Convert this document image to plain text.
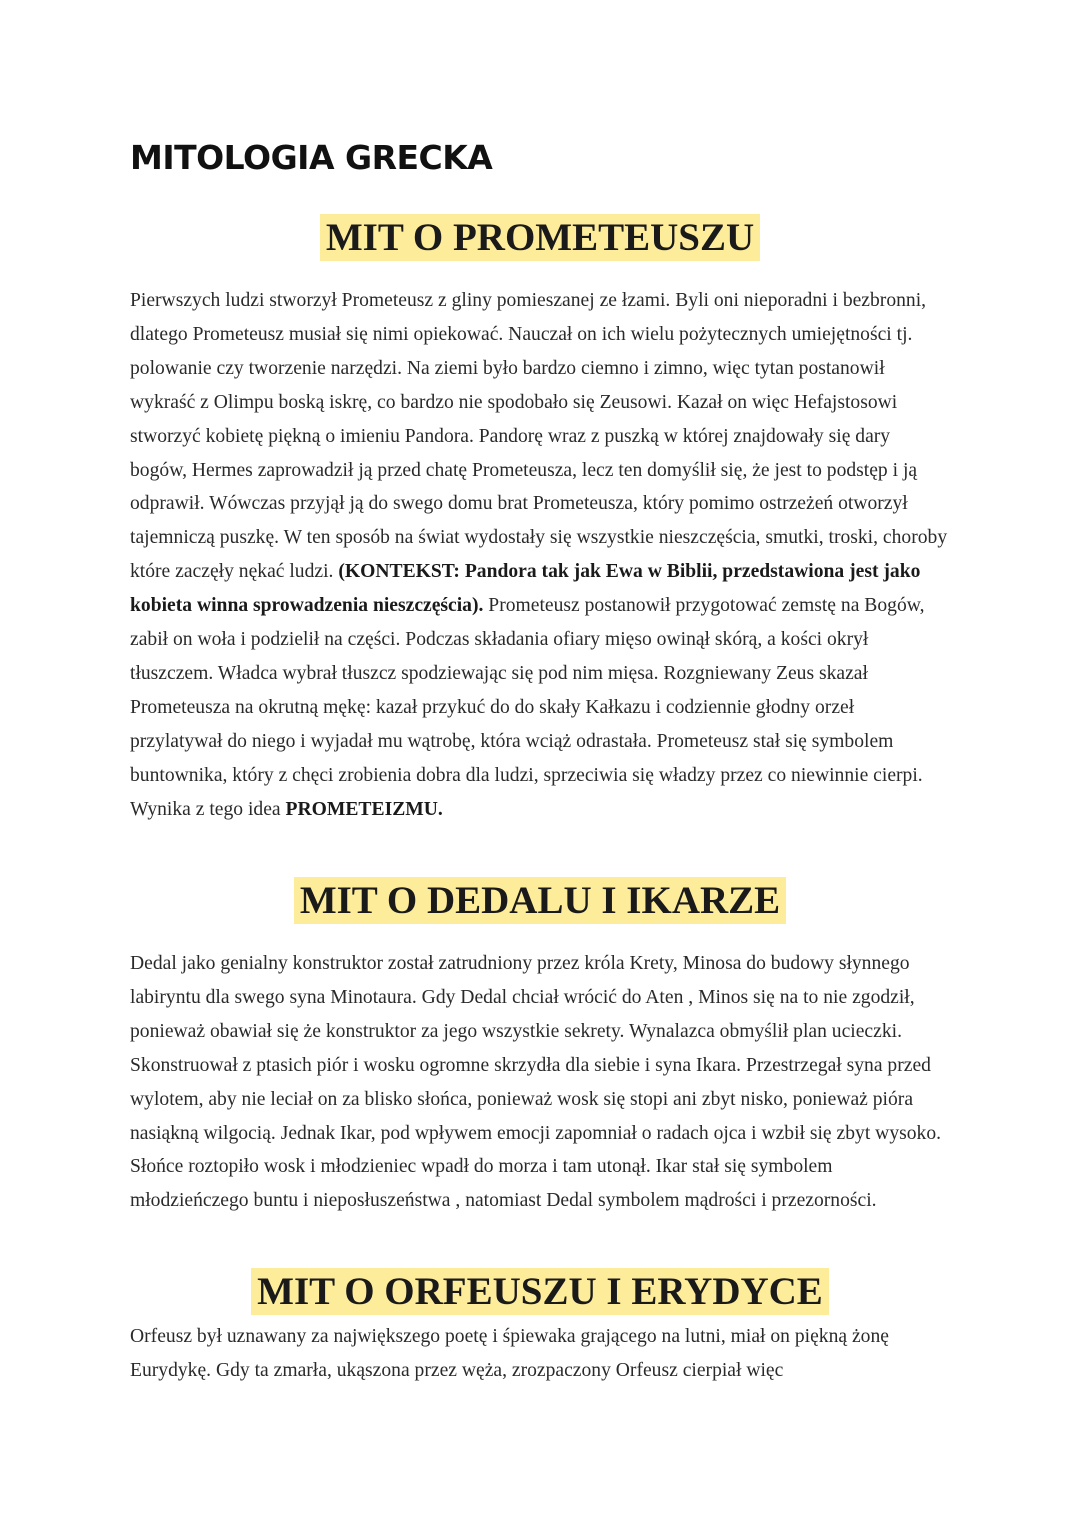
MITOLOGIA GRECKA
MIT O PROMETEUSZU

Pierwszych ludzi stworzył Prometeusz z gliny pomieszanej ze łzami. Byli oni nieporadni i bezbronni, dlatego Prometeusz musiał się nimi opiekować. Nauczał on ich wielu pożytecznych umiejętności tj. polowanie czy tworzenie narzędzi. Na ziemi było bardzo ciemno i zimno, więc tytan postanowił wykraść z Olimpu boską iskrę, co bardzo nie spodobało się Zeusowi. Kazał on więc Hefajstosowi stworzyć kobietę piękną o imieniu Pandora. Pandorę wraz z puszką w której znajdowały się dary bogów, Hermes zaprowadził ją przed chatę Prometeusza, lecz ten domyślił się, że jest to podstęp i ją odprawił. Wówczas przyjął ją do swego domu brat Prometeusza, który pomimo ostrzeżeń otworzył tajemniczą puszkę. W ten sposób na świat wydostały się wszystkie nieszczęścia, smutki, troski, choroby które zaczęły nękać ludzi. (KONTEKST: Pandora tak jak Ewa w Biblii, przedstawiona jest jako kobieta winna sprowadzenia nieszczęścia). Prometeusz postanowił przygotować zemstę na Bogów, zabił on woła i podzielił na części. Podczas składania ofiary mięso owinął skórą, a kości okrył tłuszczem. Władca wybrał tłuszcz spodziewając się pod nim mięsa. Rozgniewany Zeus skazał Prometeusza na okrutną mękę: kazał przykuć do do skały Kałkazu i codziennie głodny orzeł przylatywał do niego i wyjadał mu wątrobę, która wciąż odrastała. Prometeusz stał się symbolem buntownika, który z chęci zrobienia dobra dla ludzi, sprzeciwia się władzy przez co niewinnie cierpi. Wynika z tego idea PROMETEIZMU.

MIT O DEDALU I IKARZE

Dedal jako genialny konstruktor został zatrudniony przez króla Krety, Minosa do budowy słynnego labiryntu dla swego syna Minotaura. Gdy Dedal chciał wrócić do Aten , Minos się na to nie zgodził, ponieważ obawiał się że konstruktor za jego wszystkie sekrety. Wynalazca obmyślił plan ucieczki. Skonstruował z ptasich piór i wosku ogromne skrzydła dla siebie i syna Ikara. Przestrzegał syna przed wylotem, aby nie leciał on za blisko słońca, ponieważ wosk się stopi ani zbyt nisko, ponieważ pióra nasiąkną wilgocią. Jednak Ikar, pod wpływem emocji zapomniał o radach ojca i wzbił się zbyt wysoko. Słońce roztopiło wosk i młodzieniec wpadł do morza i tam utonął. Ikar stał się symbolem młodzieńczego buntu i nieposłuszeństwa , natomiast Dedal symbolem mądrości i przezorności.

MIT O ORFEUSZU I ERYDYCE

Orfeusz był uznawany za największego poetę i śpiewaka grającego na lutni, miał on piękną żonę Eurydykę. Gdy ta zmarła, ukąszona przez węża, zrozpaczony Orfeusz cierpiał więc
